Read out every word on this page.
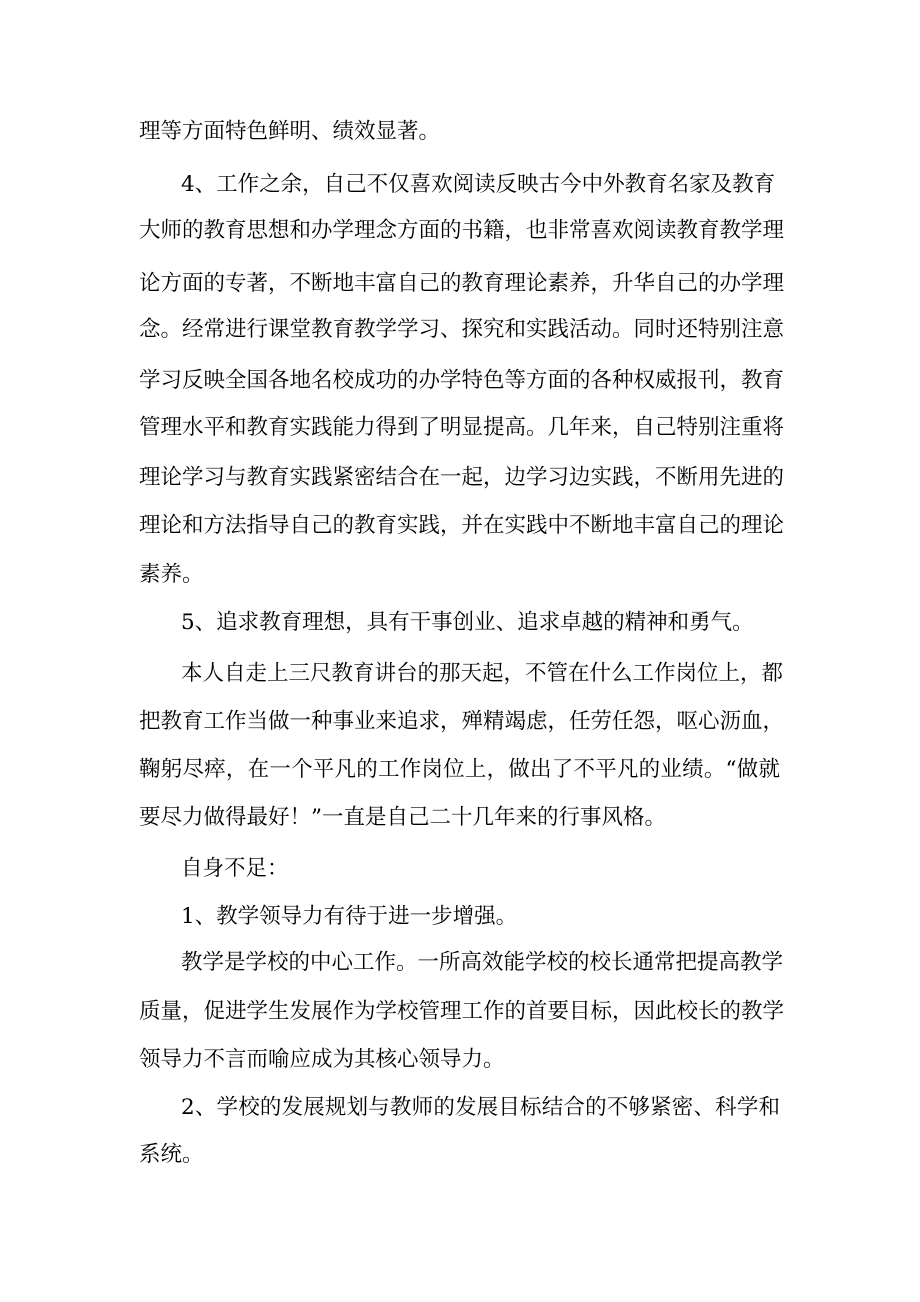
理等方面特色鲜明、绩效显著。
4、工作之余，自己不仅喜欢阅读反映古今中外教育名家及教育
大师的教育思想和办学理念方面的书籍，也非常喜欢阅读教育教学理
论方面的专著，不断地丰富自己的教育理论素养，升华自己的办学理
念。经常进行课堂教育教学学习、探究和实践活动。同时还特别注意
学习反映全国各地名校成功的办学特色等方面的各种权威报刊，教育
管理水平和教育实践能力得到了明显提高。几年来，自己特别注重将
理论学习与教育实践紧密结合在一起，边学习边实践，不断用先进的
理论和方法指导自己的教育实践，并在实践中不断地丰富自己的理论
素养。
5、追求教育理想，具有干事创业、追求卓越的精神和勇气。
本人自走上三尺教育讲台的那天起，不管在什么工作岗位上，都
把教育工作当做一种事业来追求，殚精竭虑，任劳任怨，呕心沥血，
鞠躬尽瘁，在一个平凡的工作岗位上，做出了不平凡的业绩。“做就
要尽力做得最好！”一直是自己二十几年来的行事风格。
自身不足：
1、教学领导力有待于进一步增强。
教学是学校的中心工作。一所高效能学校的校长通常把提高教学
质量，促进学生发展作为学校管理工作的首要目标，因此校长的教学
领导力不言而喻应成为其核心领导力。
2、学校的发展规划与教师的发展目标结合的不够紧密、科学和
系统。
